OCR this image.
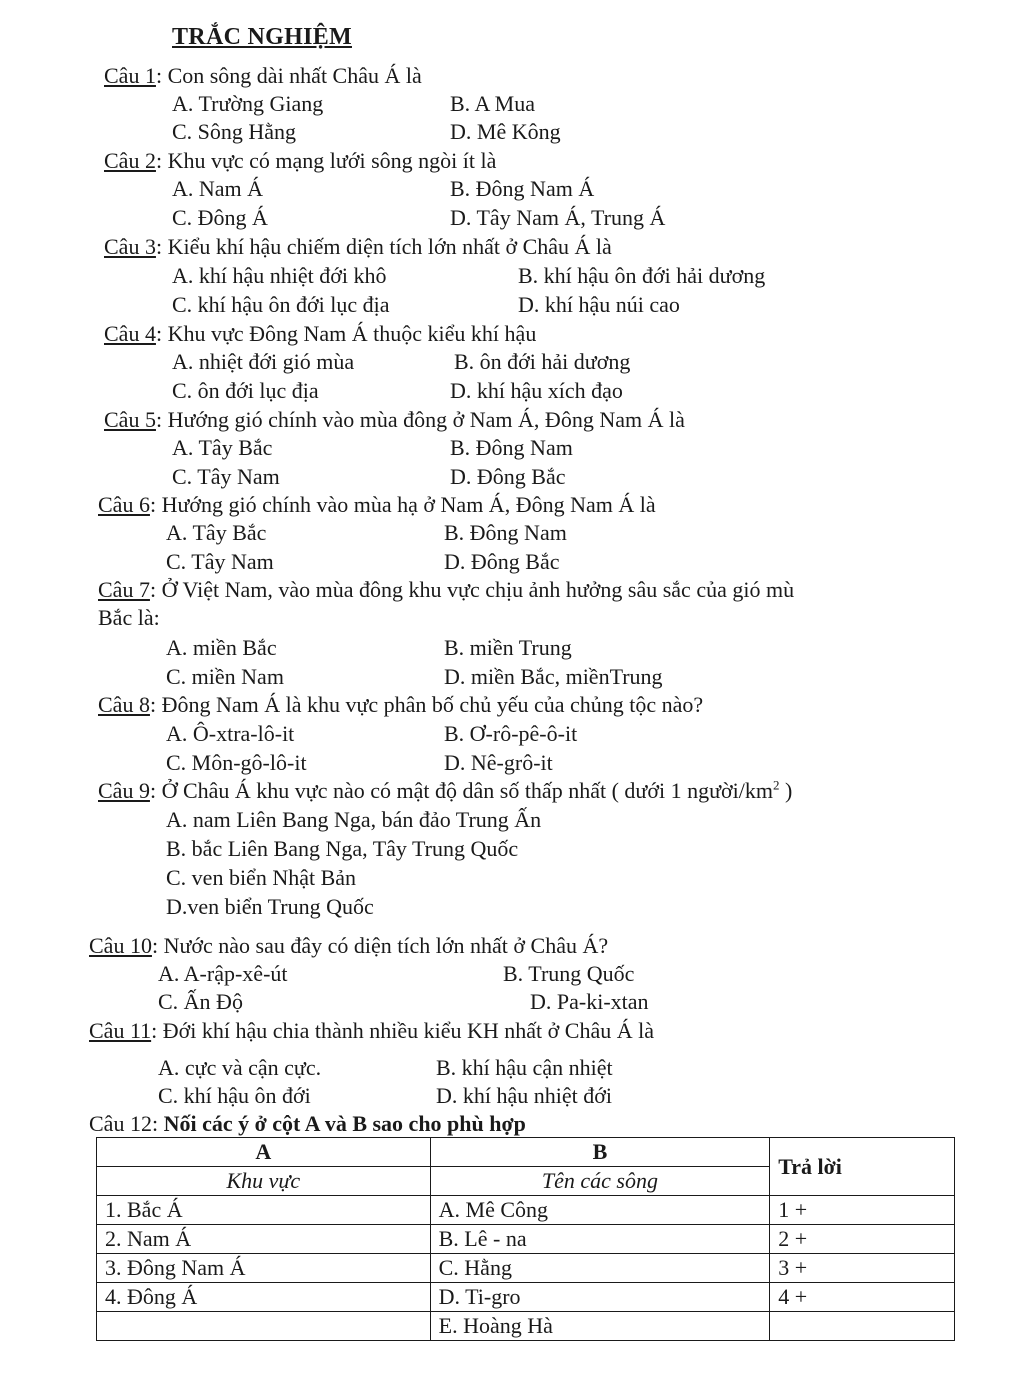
TRẮC NGHIỆM
Câu 1: Con sông dài nhất Châu Á là
A. Trường Giang	B. A Mua
C. Sông Hằng	D. Mê Kông
Câu 2: Khu vực có mạng lưới sông ngòi ít là
A. Nam Á	B. Đông Nam Á
C. Đông Á	D. Tây Nam Á, Trung Á
Câu 3: Kiểu khí hậu chiếm diện tích lớn nhất ở Châu Á là
A. khí hậu nhiệt đới khô	B. khí hậu ôn đới hải dương
C. khí hậu ôn đới lục địa	D. khí hậu núi cao
Câu 4: Khu vực Đông Nam Á thuộc kiểu khí hậu
A. nhiệt đới gió mùa	B. ôn đới hải dương
C. ôn đới lục địa	D. khí hậu xích đạo
Câu 5: Hướng gió chính vào mùa đông ở Nam Á, Đông Nam Á là
A. Tây Bắc	B. Đông Nam
C. Tây Nam	D. Đông Bắc
Câu 6: Hướng gió chính vào mùa hạ ở Nam Á, Đông Nam Á là
A. Tây Bắc	B. Đông Nam
C. Tây Nam	D. Đông Bắc
Câu 7: Ở Việt Nam, vào mùa đông khu vực chịu ảnh hưởng sâu sắc của gió mù
Bắc là:
A. miền Bắc	B. miền Trung
C. miền Nam	D. miền Bắc, miềnTrung
Câu 8: Đông Nam Á là khu vực phân bố chủ yếu của chủng tộc nào?
A. Ô-xtra-lô-it	B. Ơ-rô-pê-ô-it
C. Môn-gô-lô-it	D. Nê-grô-it
Câu 9: Ở Châu Á khu vực nào có mật độ dân số thấp nhất ( dưới 1 người/$km^2$ )
A. nam Liên Bang Nga, bán đảo Trung Ấn
B. bắc Liên Bang Nga, Tây Trung Quốc
C. ven biển Nhật Bản
D.ven biển Trung Quốc
Câu 10: Nước nào sau đây có diện tích lớn nhất ở Châu Á?
A. A-rập-xê-út	B. Trung Quốc
C. Ấn Độ	D. Pa-ki-xtan
Câu 11: Đới khí hậu chia thành nhiều kiểu KH nhất ở Châu Á là
A. cực và cận cực.	B. khí hậu cận nhiệt
C. khí hậu ôn đới	D. khí hậu nhiệt đới
Câu 12: Nối các ý ở cột A và B sao cho phù hợp
A	B	Trả lời
Khu vực	Tên các sông	
1. Bắc Á	A. Mê Công	1 +
2. Nam Á	B. Lê - na	2 +
3. Đông Nam Á	C. Hằng	3 +
4. Đông Á	D. Ti-gro	4 +
	E. Hoàng Hà	
